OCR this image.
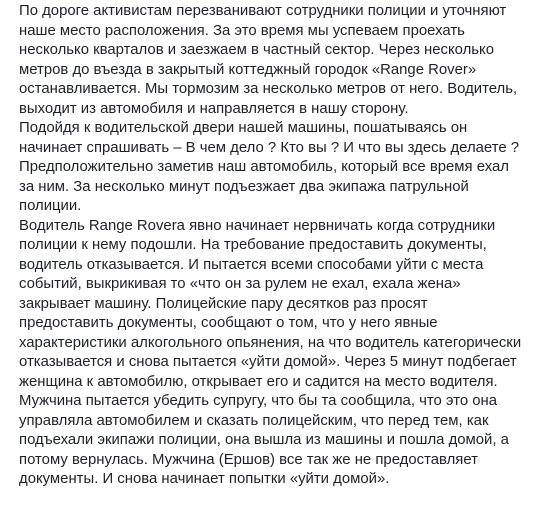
По дороге активистам перезванивают сотрудники полиции и уточняют
наше место расположения. За это время мы успеваем проехать
несколько кварталов и заезжаем в частный сектор. Через несколько
метров до въезда в закрытый коттеджный городок «Range Rover»
останавливается. Мы тормозим за несколько метров от него. Водитель,
выходит из автомобиля и направляется в нашу сторону.
Подойдя к водительской двери нашей машины, пошатываясь он
начинает спрашивать – В чем дело ? Кто вы ? И что вы здесь делаете ?
Предположительно заметив наш автомобиль, который все время ехал
за ним. За несколько минут подъезжает два экипажа патрульной
полиции.
Водитель Range Rovera явно начинает нервничать когда сотрудники
полиции к нему подошли. На требование предоставить документы,
водитель отказывается. И пытается всеми способами уйти с места
событий, выкрикивая то «что он за рулем не ехал, exaла жена»
закрывает машину. Полицейские пару десятков раз просят
предоставить документы, сообщают о том, что у него явные
характеристики алкогольного опьянения, на что водитель категорически
отказывается и снова пытается «уйти домой». Через 5 минут подбегает
женщина к автомобилю, открывает его и садится на место водителя.
Мужчина пытается убедить супругу, что бы та сообщила, что это она
управляла автомобилем и сказать полицейским, что перед тем, как
подъехали экипажи полиции, она вышла из машины и пошла домой, а
потому вернулась. Мужчина (Ершов) все так же не предоставляет
документы. И снова начинает попытки «уйти домой».
